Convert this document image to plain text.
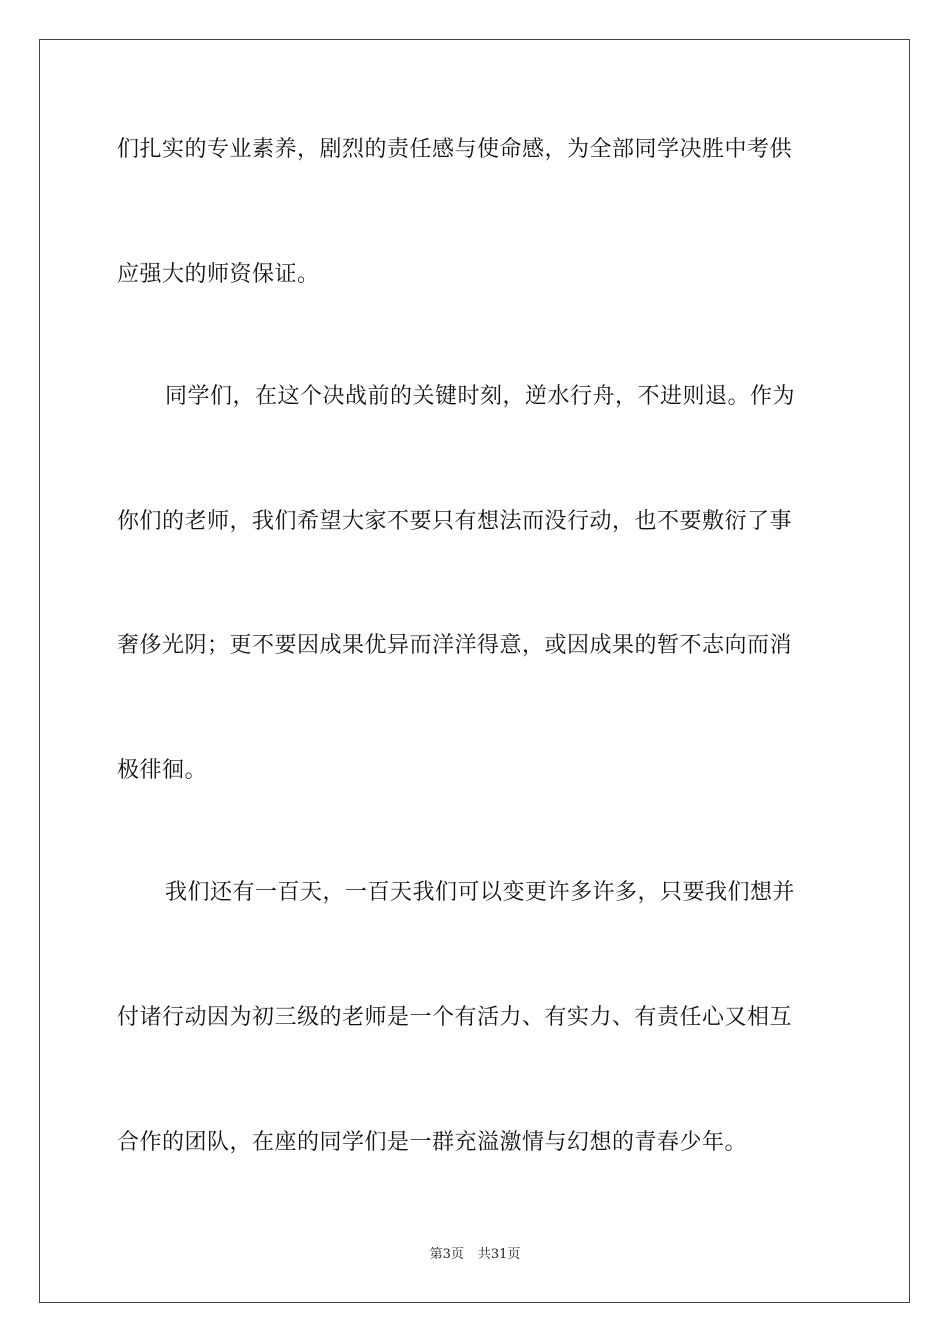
们扎实的专业素养，剧烈的责任感与使命感，为全部同学决胜中考供
应强大的师资保证。
同学们，在这个决战前的关键时刻，逆水行舟，不进则退。作为
你们的老师，我们希望大家不要只有想法而没行动，也不要敷衍了事
奢侈光阴；更不要因成果优异而洋洋得意，或因成果的暂不志向而消
极徘徊。
我们还有一百天，一百天我们可以变更许多许多，只要我们想并
付诸行动因为初三级的老师是一个有活力、有实力、有责任心又相互
合作的团队，在座的同学们是一群充溢激情与幻想的青春少年。
第3页 共31页
